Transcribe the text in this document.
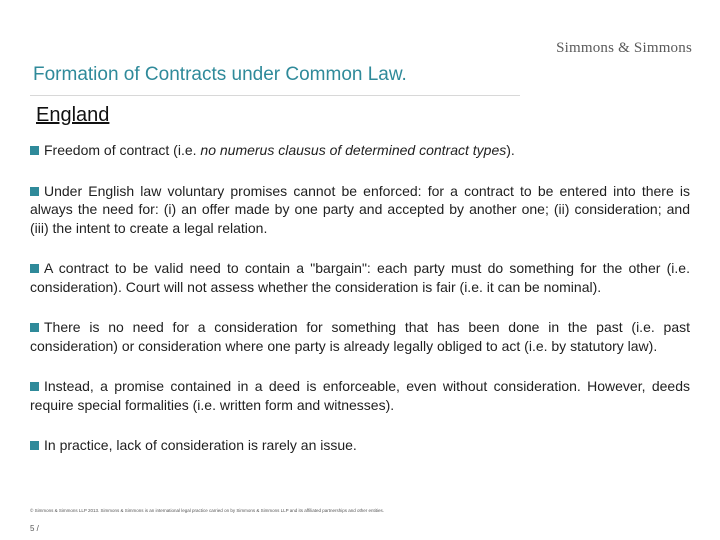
Simmons & Simmons
Formation of Contracts under Common Law.
England
Freedom of contract (i.e. no numerus clausus of determined contract types).
Under English law voluntary promises cannot be enforced: for a contract to be entered into there is always the need for: (i) an offer made by one party and accepted by another one; (ii) consideration; and (iii) the intent to create a legal relation.
A contract to be valid need to contain a "bargain": each party must do something for the other (i.e. consideration). Court will not assess whether the consideration is fair (i.e. it can be nominal).
There is no need for a consideration for something that has been done in the past (i.e. past consideration) or consideration where one party is already legally obliged to act (i.e. by statutory law).
Instead, a promise contained in a deed is enforceable, even without consideration. However, deeds require special formalities (i.e. written form and witnesses).
In practice, lack of consideration is rarely an issue.
© Simmons & Simmons LLP 2013. Simmons & Simmons is an international legal practice carried on by Simmons & Simmons LLP and its affiliated partnerships and other entities.
5 /
